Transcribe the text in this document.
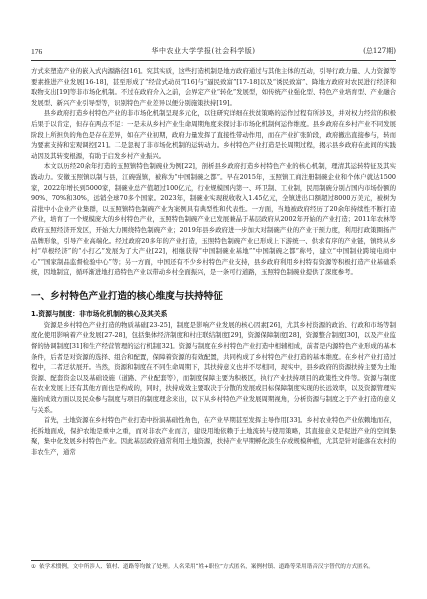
176	华中农业大学学报(社会科学版)	(总127期)

方式来塑造产业的嵌入式内源路径[16]。究其实质，这些打造机制是地方政府通过与其他主体的互动，引导行政力量、人力资源等要素推进产业发展[16-18]，甚至形成了“经营式动员”[16]与“逼民致富”[17-18]以及“诱民致富”、降地方政府对农民进行经济和取物支出[19]等非市场化机制。不过在政府介入之前，会界定产业“转化”发展型，如传统产业强化型、特色产业培育型、产业融合发展型、新兴产业引导型等，识别特色产业差异以便分别施策扶持[19]。

县乡政府打造乡村特色产业的非市场化机制呈现多元化，以往研究详细在扶贫策略的运作过程有所涉及，并对权力经营的积极后果于以肯定，但存在两点不足：一是未从乡村产业生命周期角度来探讨非市场化机制何运作维度。县乡政府在乡村产业不同发展阶段上所担负的角色是存在差异，如在产业初期，政府力量发挥了直接性带动作用，而在产业扩张阶段，政府撤出直接参与，转而为要素支持和宏观调控[21]。二是忽视了非市场化机制的运转动力。乡村特色产业打造是长周期过程，揭示县乡政府在此间的实践动因及其转变根源，有助于启发乡村产业振兴。

本文以历经20余年打造的玉照镇特色制碗业为例[22]，剖析县乡政府打造乡村特色产业的核心机制，理清其运转特征及其实践动力。安徽玉照镇以制与县，江碗强镇，被称为“中国制碗之都”。早在2015年，玉照镇工商注册制碗企业和个体户就达1500家，2022年增长到5000家，制碗业总产值超过100亿元，行业规模国内第一、环卫制、工业制，民用制碗分别占国内市场份额的90%、70%和30%，远销全球70多个国家。2023年，制碗业实现税收收入1.45亿元，全镇进出口额超过8000万美元，被树为首批中小企业产业集群，以玉照镇特色制碗产业为案例具有典型性和代表性。一方面，当地被政府经历了20余年持续性不断打造产业，培育了一个规模庞大的乡村特色产业，玉照特色制碗产业已发展兼晶于基层政府从2002年开始的产业打造；2011年农林等政府玉照经济开发区，开始大力围绕特色制碗产业；2019年县乡政府进一步加大对制碗产业的产业干预力度，利用打政策圈扬产品牌形象，引导产业高端化。经过政府20多年的产业打造，玉照特色制碗产业已形成上下游统一、供求有序的产业链，镇终从乡村“草根经济”的“小打乙”发展为了大产业[22]，相继获得“中国制碗业基地”“中国制碗之都”称号，建立“中国制业跨境电商中心”“国家制品监督检验中心”等；另一方面，中国还有不少乡村特色产业支持，县乡政府利用乡村特有资源等积极打造产业基础系统，因地制宜，循环渐进地打造特色产业以带动乡村全面振兴，是一条可行道路，玉照特色制碗业提供了深度参考。

一、乡村特色产业打造的核心维度与扶持特征
1.资源与制度：非市场化机制的核心及其关系

资源是乡村特色产业打造的物质基础[23-25]，制度是影响产业发展的核心因素[26]，尤其乡村资源的政治、行政和市场等制度化使用影响着产业发展[27-28]，包括集体经济制度和村庄联结制度[29]，资源保障制度[28]，资源整合制度[30]，以及产业监督的协调制度[31]和生产经营管理的运行机制[32]。资源与制度在乡村特色产业打造中相辅相成，前者是内源特色产业形成的基本条件，后者是对资源的选择、组合和配置，保障着资源的有效配置，共同构成了乡村特色产业打造的基本维度。在乡村产业打造过程中，二者迂状展开。当然，资源和制度在不同生命周期下，其扶持意义也并不尽相同，现实中，县乡政府的资源扶持主要为土地资源、配套资金以及基础设施（道路、产业配套等），而制度保障主要为积极区，执行产业扶持项目的政策性文件等。资源与制度在农业发展上还有其他方面也是构成的，同时，扶持成效主要取决于分散的发展或目标保障制度实现的长远效率，以及资源管理实施的成效方面以及民众参与制度与项目的制度理念来出，以下从乡村特色产业发展周期视角，分析资源与制度之于产业打造的意义与关系。

首先，土地资源在乡村特色产业打造中扮演基础性角色，在产业早期甚至发挥主导作用[33]。乡村农业特色产业依赖地而在，托拆地面成，保护农地是重中之重，而对非农产业而言，建设用地依赖于土地流转与使用策略，其直接意义是促进产业的空间集聚，集中化发展乡村特色产业。因此基层政府通常利用土地资源，扶持产业早期孵化淡生存或规模种植，尤其是针对能落在农村的非农生产，通常

① 依学术惯例，文中所涉人、镇村、道路等均做了处理。人名采用“姓+职位”方式匿名，案例村镇、道路等采用谐音汉字替代的方式匿名。
